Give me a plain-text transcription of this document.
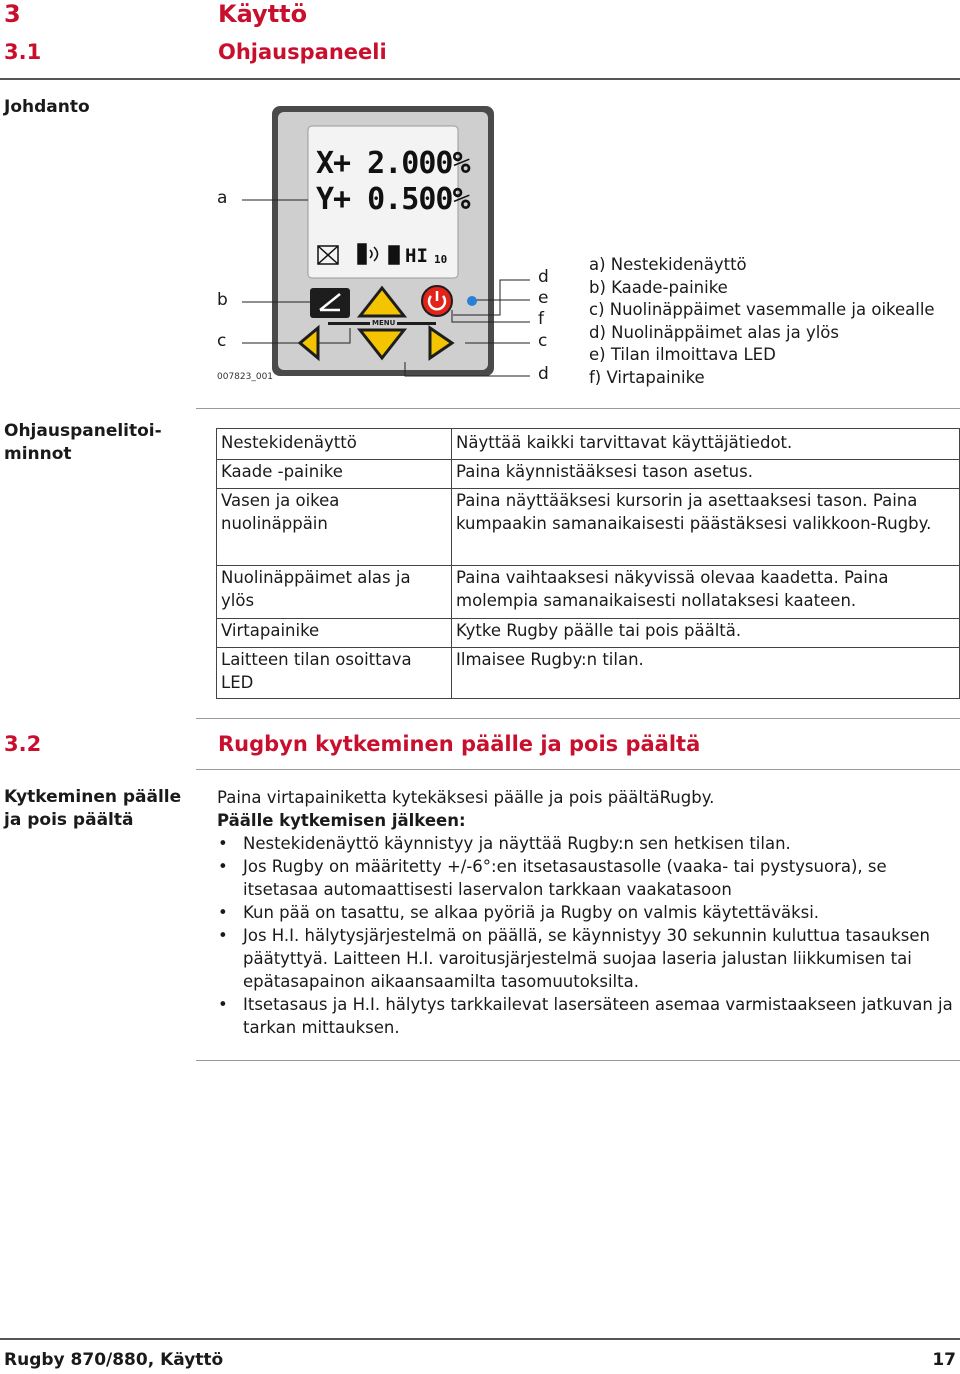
3	Käyttö
3.1	Ohjauspaneeli
Johdanto
X+ 2.000%
Y+ 0.500%
HI 10
MENU
a
b
c
d
e
f
c
d
007823_001
a) Nestekidenäyttö
b) Kaade-painike
c) Nuolinäppäimet vasemmalle ja oikealle
d) Nuolinäppäimet alas ja ylös
e) Tilan ilmoittava LED
f) Virtapainike
Ohjauspanelitoi-
minnot
Nestekidenäyttö	Näyttää kaikki tarvittavat käyttäjätiedot.
Kaade -painike	Paina käynnistääksesi tason asetus.
Vasen ja oikea nuolinäppäin	Paina näyttääksesi kursorin ja asettaaksesi tason. Paina kumpaakin samanaikaisesti päästäksesi valikkoon-Rugby.
Nuolinäppäimet alas ja ylös	Paina vaihtaaksesi näkyvissä olevaa kaadetta. Paina molempia samanaikaisesti nollataksesi kaateen.
Virtapainike	Kytke Rugby päälle tai pois päältä.
Laitteen tilan osoittava LED	Ilmaisee Rugby:n tilan.
3.2	Rugbyn kytkeminen päälle ja pois päältä
Kytkeminen päälle
ja pois päältä
Paina virtapainiketta kytekäksesi päälle ja pois päältäRugby.
Päälle kytkemisen jälkeen:
• Nestekidenäyttö käynnistyy ja näyttää Rugby:n sen hetkisen tilan.
• Jos Rugby on määritetty +/-6°:en itsetasaustasolle (vaaka- tai pystysuora), se itsetasaa automaattisesti laservalon tarkkaan vaakatasoon
• Kun pää on tasattu, se alkaa pyöriä ja Rugby on valmis käytettäväksi.
• Jos H.I. hälytysjärjestelmä on päällä, se käynnistyy 30 sekunnin kuluttua tasauksen päätyttyä. Laitteen H.I. varoitusjärjestelmä suojaa laseria jalustan liikkumisen tai epätasapainon aikaansaamilta tasomuutoksilta.
• Itsetasaus ja H.I. hälytys tarkkailevat lasersäteen asemaa varmistaakseen jatkuvan ja tarkan mittauksen.
Rugby 870/880, Käyttö	17
